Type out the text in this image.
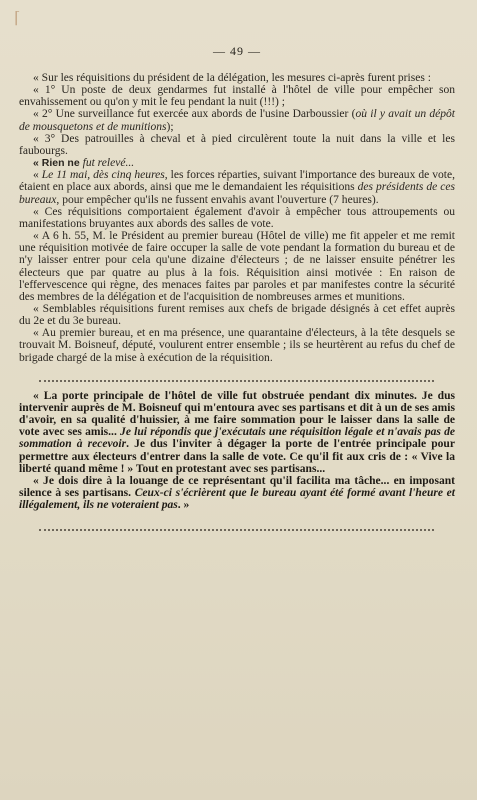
⌈
— 49 —

« Sur les réquisitions du président de la délégation, les mesures ci-après furent prises :

« 1° Un poste de deux gendarmes fut installé à l'hôtel de ville pour empêcher son envahissement ou qu'on y mit le feu pendant la nuit (!!!) ;

« 2° Une surveillance fut exercée aux abords de l'usine Darboussier (où il y avait un dépôt de mousquetons et de munitions);

« 3° Des patrouilles à cheval et à pied circulèrent toute la nuit dans la ville et les faubourgs.

« Rien ne fut relevé...

« Le 11 mai, dès cinq heures, les forces réparties, suivant l'importance des bureaux de vote, étaient en place aux abords, ainsi que me le demandaient les réquisitions des présidents de ces bureaux, pour empêcher qu'ils ne fussent envahis avant l'ouverture (7 heures).

« Ces réquisitions comportaient également d'avoir à empêcher tous attroupements ou manifestations bruyantes aux abords des salles de vote.

« A 6 h. 55, M. le Président au premier bureau (Hôtel de ville) me fit appeler et me remit une réquisition motivée de faire occuper la salle de vote pendant la formation du bureau et de n'y laisser entrer pour cela qu'une dizaine d'électeurs ; de ne laisser ensuite pénétrer les électeurs que par quatre au plus à la fois. Réquisition ainsi motivée : En raison de l'effervescence qui règne, des menaces faites par paroles et par manifestes contre la sécurité des membres de la délégation et de l'acquisition de nombreuses armes et munitions.

« Semblables réquisitions furent remises aux chefs de brigade désignés à cet effet auprès du 2e et du 3e bureau.

« Au premier bureau, et en ma présence, une quarantaine d'électeurs, à la tête desquels se trouvait M. Boisneuf, député, voulurent entrer ensemble ; ils se heurtèrent au refus du chef de brigade chargé de la mise à exécution de la réquisition.

« La porte principale de l'hôtel de ville fut obstruée pendant dix minutes. Je dus intervenir auprès de M. Boisneuf qui m'entoura avec ses partisans et dit à un de ses amis d'avoir, en sa qualité d'huissier, à me faire sommation pour le laisser dans la salle de vote avec ses amis... Je lui répondis que j'exécutais une réquisition légale et n'avais pas de sommation à recevoir. Je dus l'inviter à dégager la porte de l'entrée principale pour permettre aux électeurs d'entrer dans la salle de vote. Ce qu'il fit aux cris de : « Vive la liberté quand même ! » Tout en protestant avec ses partisans...

« Je dois dire à la louange de ce représentant qu'il facilita ma tâche... en imposant silence à ses partisans. Ceux-ci s'écrièrent que le bureau ayant été formé avant l'heure et illégalement, ils ne voteraient pas. »
